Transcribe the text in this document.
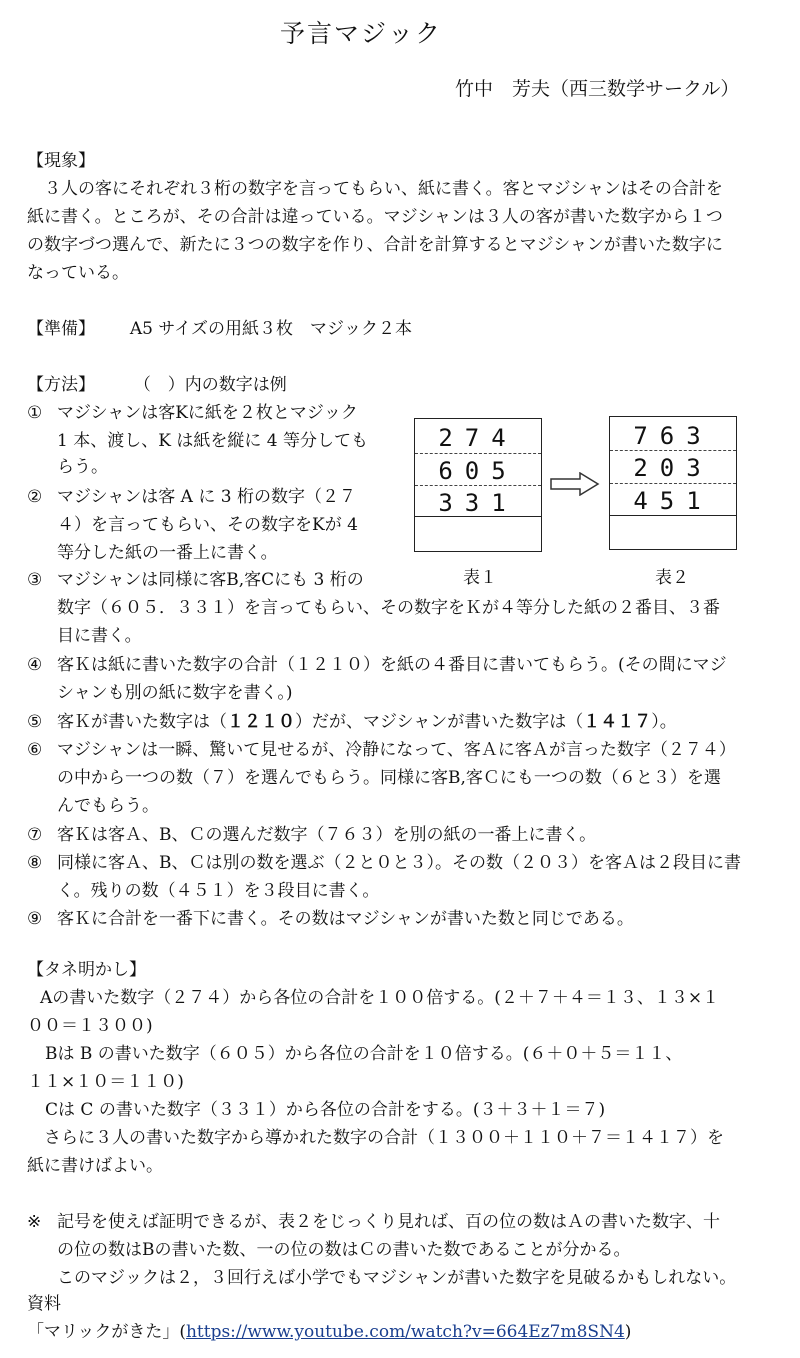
予言マジック
竹中　芳夫（西三数学サークル）
【現象】
　３人の客にそれぞれ３桁の数字を言ってもらい、紙に書く。客とマジシャンはその合計を
紙に書く。ところが、その合計は違っている。マジシャンは３人の客が書いた数字から１つ
の数字づつ選んで、新たに３つの数字を作り、合計を計算するとマジシャンが書いた数字に
なっている。
【準備】 A5 サイズの用紙３枚　マジック２本
【方法】 （　）内の数字は例
① マジシャンは客Kに紙を２枚とマジック
1 本、渡し、K は紙を縦に 4 等分しても
らう。
② マジシャンは客 A に 3 桁の数字（２７
４）を言ってもらい、その数字をKが 4
等分した紙の一番上に書く。
③ マジシャンは同様に客B,客Cにも 3 桁の
数字（６０５．３３１）を言ってもらい、その数字をＫが４等分した紙の２番目、３番
目に書く。
④ 客Ｋは紙に書いた数字の合計（１２１０）を紙の４番目に書いてもらう。(その間にマジ
シャンも別の紙に数字を書く。)
⑤ 客Ｋが書いた数字は（１２１０）だが、マジシャンが書いた数字は（１４１７）。
⑥ マジシャンは一瞬、驚いて見せるが、冷静になって、客Ａに客Ａが言った数字（２７４）
の中から一つの数（７）を選んでもらう。同様に客B,客Ｃにも一つの数（６と３）を選
んでもらう。
⑦ 客Ｋは客Ａ、B、Ｃの選んだ数字（７６３）を別の紙の一番上に書く。
⑧ 同様に客Ａ、B、Ｃは別の数を選ぶ（２と０と３）。その数（２０３）を客Ａは２段目に書
く。残りの数（４５１）を３段目に書く。
⑨ 客Ｋに合計を一番下に書く。その数はマジシャンが書いた数と同じである。
274
605
331
表１
763
203
451
表２
【タネ明かし】
Aの書いた数字（２７４）から各位の合計を１００倍する。(２＋７＋４＝１３、１３×１
００＝１３００)
Bは B の書いた数字（６０５）から各位の合計を１０倍する。(６＋０＋５＝１１、
１１×１０＝１１０)
Cは C の書いた数字（３３１）から各位の合計をする。(３＋３＋１＝７)
　さらに３人の書いた数字から導かれた数字の合計（１３００＋１１０＋７＝１４１７）を
紙に書けばよい。
※ 記号を使えば証明できるが、表２をじっくり見れば、百の位の数はＡの書いた数字、十
の位の数はBの書いた数、一の位の数はＣの書いた数であることが分かる。
このマジックは２，３回行えば小学でもマジシャンが書いた数字を見破るかもしれない。
資料
「マリックがきた」(https://www.youtube.com/watch?v=664Ez7m8SN4)
